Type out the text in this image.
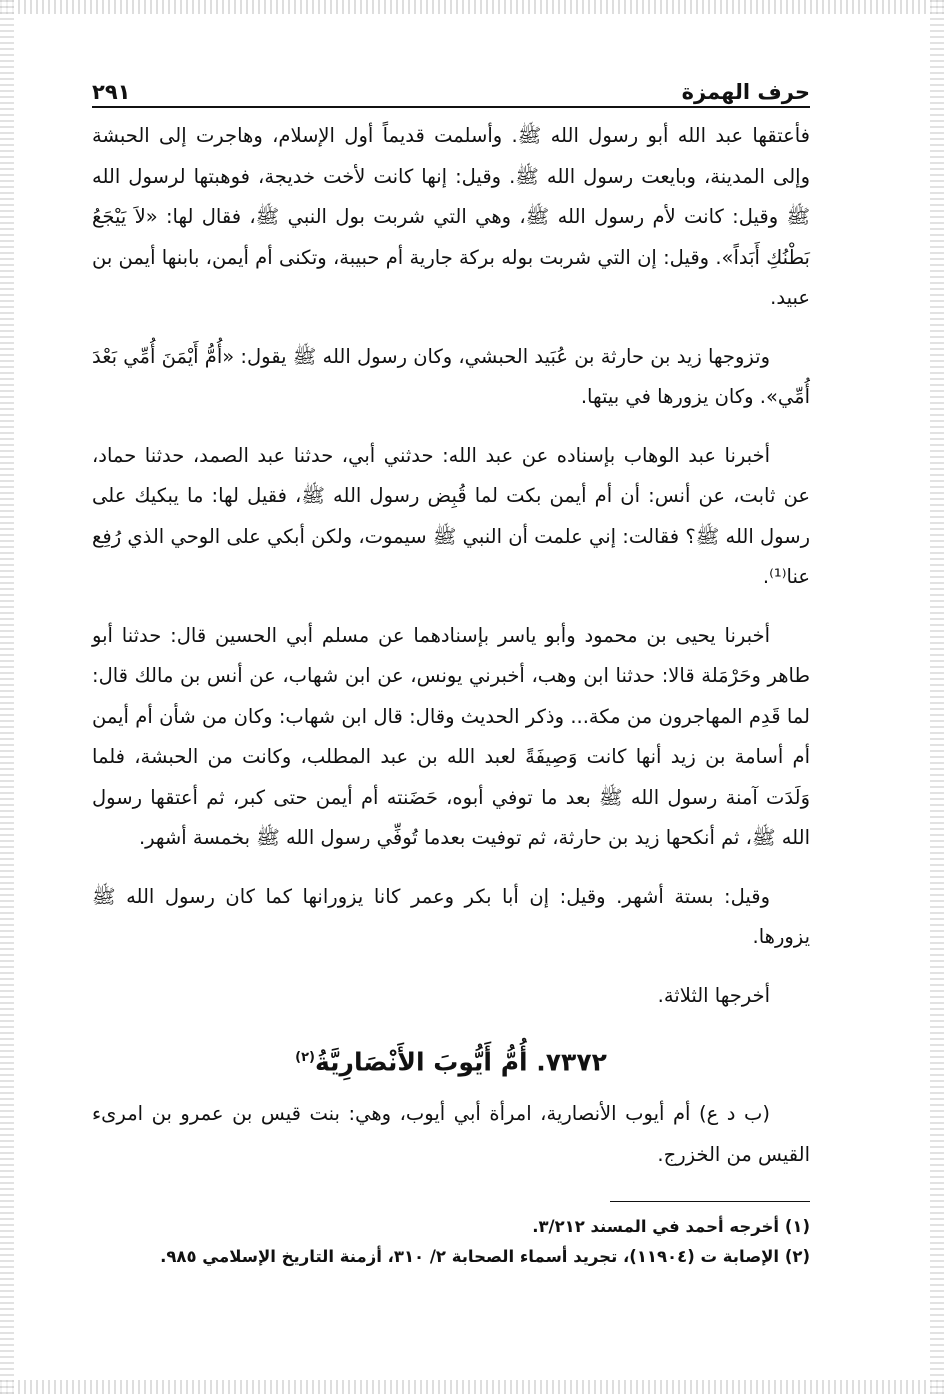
حرف الهمزة
٢٩١

فأعتقها عبد الله أبو رسول الله ﷺ. وأسلمت قديماً أول الإسلام، وهاجرت إلى الحبشة وإلى المدينة، وبايعت رسول الله ﷺ. وقيل: إنها كانت لأخت خديجة، فوهبتها لرسول الله ﷺ وقيل: كانت لأم رسول الله ﷺ، وهي التي شربت بول النبي ﷺ، فقال لها: «لاَ يَيْجَعُ بَطْنُكِ أَبَداً». وقيل: إن التي شربت بوله بركة جارية أم حبيبة، وتكنى أم أيمن، بابنها أيمن بن عبيد.

وتزوجها زيد بن حارثة بن عُبَيد الحبشي، وكان رسول الله ﷺ يقول: «أُمُّ أَيْمَنَ أُمِّي بَعْدَ أُمِّي». وكان يزورها في بيتها.

أخبرنا عبد الوهاب بإسناده عن عبد الله: حدثني أبي، حدثنا عبد الصمد، حدثنا حماد، عن ثابت، عن أنس: أن أم أيمن بكت لما قُبِض رسول الله ﷺ، فقيل لها: ما يبكيك على رسول الله ﷺ؟ فقالت: إني علمت أن النبي ﷺ سيموت، ولكن أبكي على الوحي الذي رُفِع عنا⁽¹⁾.

أخبرنا يحيى بن محمود وأبو ياسر بإسنادهما عن مسلم أبي الحسين قال: حدثنا أبو طاهر وحَرْمَلة قالا: حدثنا ابن وهب، أخبرني يونس، عن ابن شهاب، عن أنس بن مالك قال: لما قَدِم المهاجرون من مكة... وذكر الحديث وقال: قال ابن شهاب: وكان من شأن أم أيمن أم أسامة بن زيد أنها كانت وَصِيفَةً لعبد الله بن عبد المطلب، وكانت من الحبشة، فلما وَلَدَت آمنة رسول الله ﷺ بعد ما توفي أبوه، حَضَنته أم أيمن حتى كبر، ثم أعتقها رسول الله ﷺ، ثم أنكحها زيد بن حارثة، ثم توفيت بعدما تُوفِّي رسول الله ﷺ بخمسة أشهر.

وقيل: بستة أشهر. وقيل: إن أبا بكر وعمر كانا يزورانها كما كان رسول الله ﷺ يزورها.

أخرجها الثلاثة.

٧٣٧٢. أُمُّ أَيُّوبَ الأَنْصَارِيَّةُ$^{(٢)}$

(ب د ع) أم أيوب الأنصارية، امرأة أبي أيوب، وهي: بنت قيس بن عمرو بن امرىء القيس من الخزرج.

(١) أخرجه أحمد في المسند ٣/٢١٢.

(٢) الإصابة ت (١١٩٠٤)، تجريد أسماء الصحابة ٢/ ٣١٠، أزمنة التاريخ الإسلامي ٩٨٥.
